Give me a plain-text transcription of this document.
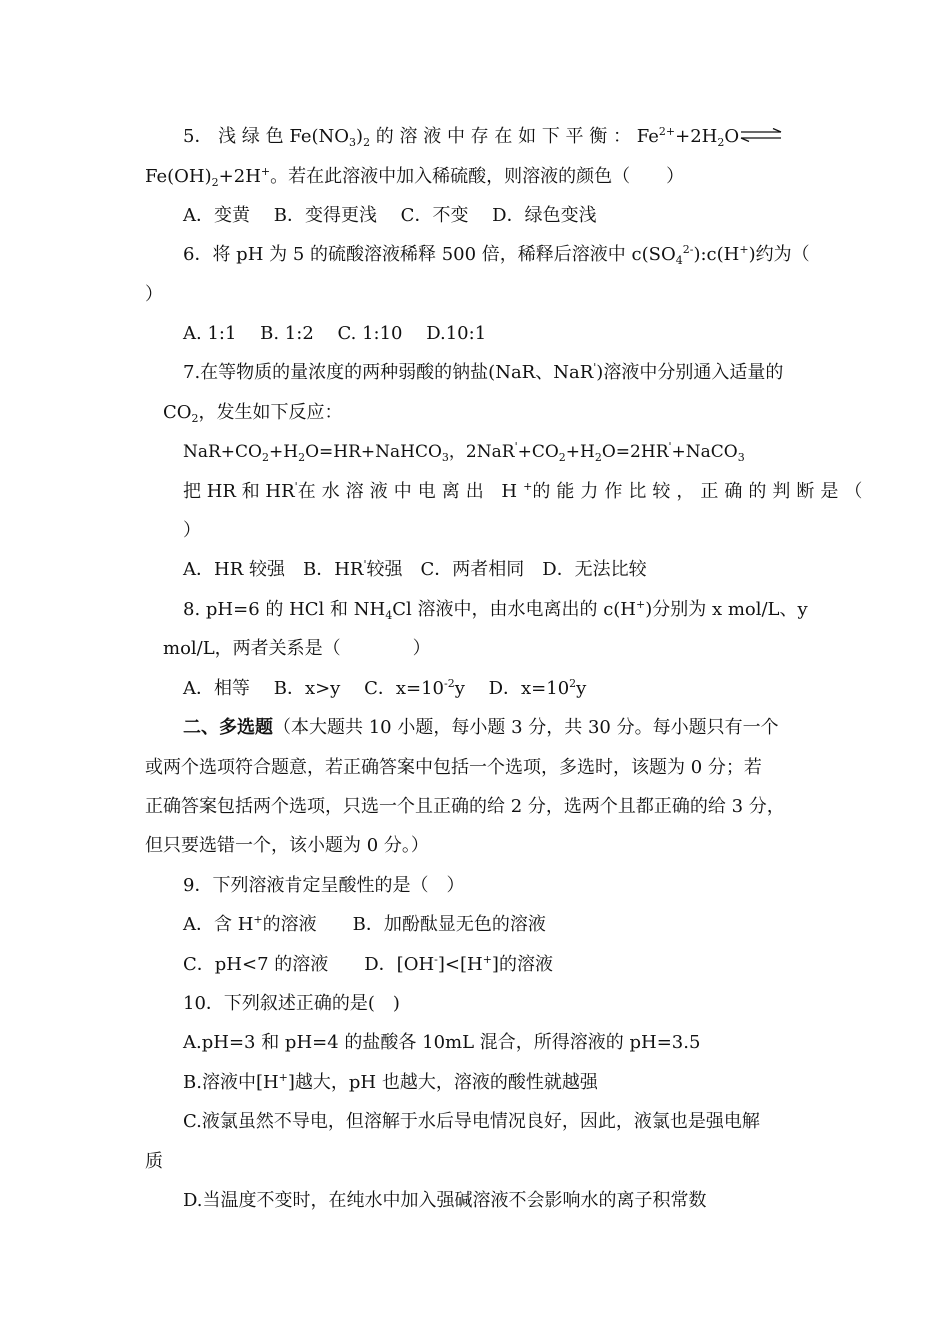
5． 浅 绿 色 $Fe(NO_3)_2$ 的 溶 液 中 存 在 如 下 平 衡 ： $Fe^{2+}+2H_2O\rightleftharpoons$
$Fe(OH)_2+2H^+$。若在此溶液中加入稀硫酸，则溶液的颜色（　　）
A．变黄　 B．变得更浅　 C．不变　 D．绿色变浅
6．将 pH 为 5 的硫酸溶液稀释 500 倍，稀释后溶液中 $c(SO_4^{2-}):c(H^+)$约为（
）
A. 1:1　 B. 1:2　 C. 1:10　 D.10:1
7.在等物质的量浓度的两种弱酸的钠盐(NaR、NaR')溶液中分别通入适量的
$CO_2$，发生如下反应：
$NaR+CO_2+H_2O=HR+NaHCO_3$，$2NaR'+CO_2+H_2O=2HR'+NaCO_3$
把 HR 和 HR'在水溶液中电离出 H+的能力作比较，正确的判断是（
）
A．HR 较强　B．HR'较强　C．两者相同　D．无法比较
8. pH=6 的 HCl 和 $NH_4Cl$ 溶液中，由水电离出的 c(H+)分别为 x mol/L、y
mol/L，两者关系是（　　　　）
A．相等　 B．x>y　 C．$x=10^{-2}y$　 D．$x=10^2y$
二、多选题（本大题共 10 小题，每小题 3 分，共 30 分。每小题只有一个
或两个选项符合题意，若正确答案中包括一个选项，多选时，该题为 0 分；若
正确答案包括两个选项，只选一个且正确的给 2 分，选两个且都正确的给 3 分，
但只要选错一个，该小题为 0 分。）
9．下列溶液肯定呈酸性的是（　）
A．含 H+的溶液　　B．加酚酞显无色的溶液
C．pH<7 的溶液　　D．[OH-]<[H+]的溶液
10．下列叙述正确的是(　)
A.pH=3 和 pH=4 的盐酸各 10mL 混合，所得溶液的 pH=3.5
B.溶液中[H+]越大，pH 也越大，溶液的酸性就越强
C.液氯虽然不导电，但溶解于水后导电情况良好，因此，液氯也是强电解
质
D.当温度不变时，在纯水中加入强碱溶液不会影响水的离子积常数
